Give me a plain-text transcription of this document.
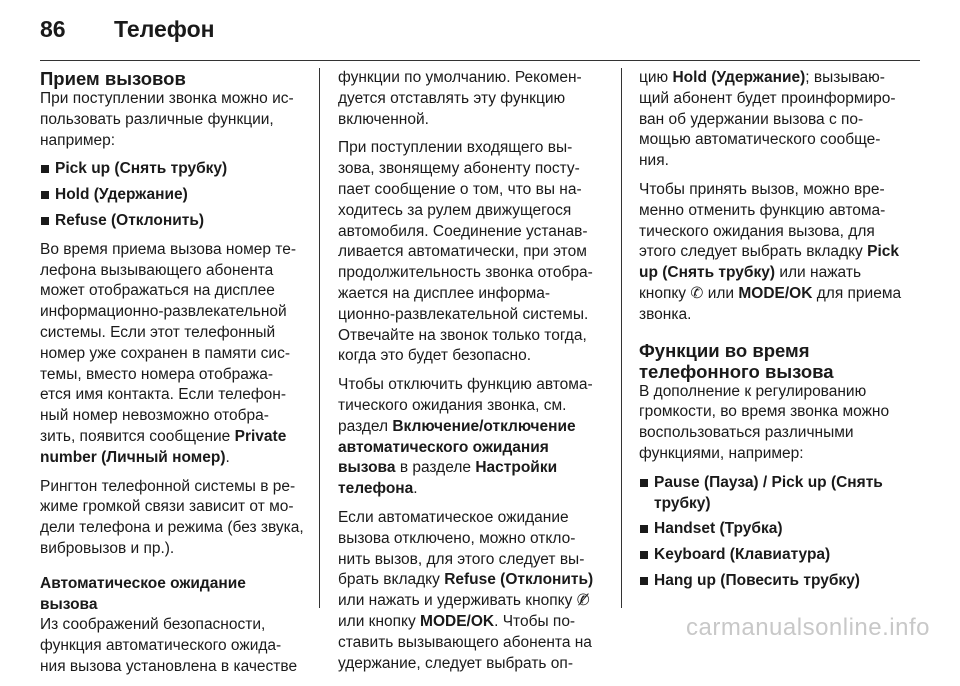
86 Телефон
Прием вызовов

При поступлении звонка можно ис-пользовать различные функции, например:

Pick up (Снять трубку)
Hold (Удержание)
Refuse (Отклонить)

Во время приема вызова номер те-лефона вызывающего абонента может отображаться на дисплее информационно-развлекательной системы. Если этот телефонный номер уже сохранен в памяти сис-темы, вместо номера отобража-ется имя контакта. Если телефон-ный номер невозможно отобра-зить, появится сообщение Private number (Личный номер).

Рингтон телефонной системы в ре-жиме громкой связи зависит от мо-дели телефона и режима (без звука, вибровызов и пр.).

Автоматическое ожидание вызова

Из соображений безопасности, функция автоматического ожида-ния вызова установлена в качестве

функции по умолчанию. Рекомен-дуется отставлять эту функцию включенной.

При поступлении входящего вы-зова, звонящему абоненту посту-пает сообщение о том, что вы на-ходитесь за рулем движущегося автомобиля. Соединение устанав-ливается автоматически, при этом продолжительность звонка отобра-жается на дисплее информа-ционно-развлекательной системы. Отвечайте на звонок только тогда, когда это будет безопасно.

Чтобы отключить функцию автома-тического ожидания звонка, см. раздел Включение/отключение автоматического ожидания вызова в разделе Настройки телефона.

Если автоматическое ожидание вызова отключено, можно откло-нить вызов, для этого следует вы-брать вкладку Refuse (Отклонить) или нажать и удерживать кнопку ✆̸ или кнопку MODE/OK. Чтобы по-ставить вызывающего абонента на удержание, следует выбрать оп-

цию Hold (Удержание); вызываю-щий абонент будет проинформиро-ван об удержании вызова с по-мощью автоматического сообще-ния.

Чтобы принять вызов, можно вре-менно отменить функцию автома-тического ожидания вызова, для этого следует выбрать вкладку Pick up (Снять трубку) или нажать кнопку ✆ или MODE/OK для приема звонка.

Функции во время телефонного вызова

В дополнение к регулированию громкости, во время звонка можно воспользоваться различными функциями, например:

Pause (Пауза) / Pick up (Снять трубку)
Handset (Трубка)
Keyboard (Клавиатура)
Hang up (Повесить трубку)
carmanualsonline.info
